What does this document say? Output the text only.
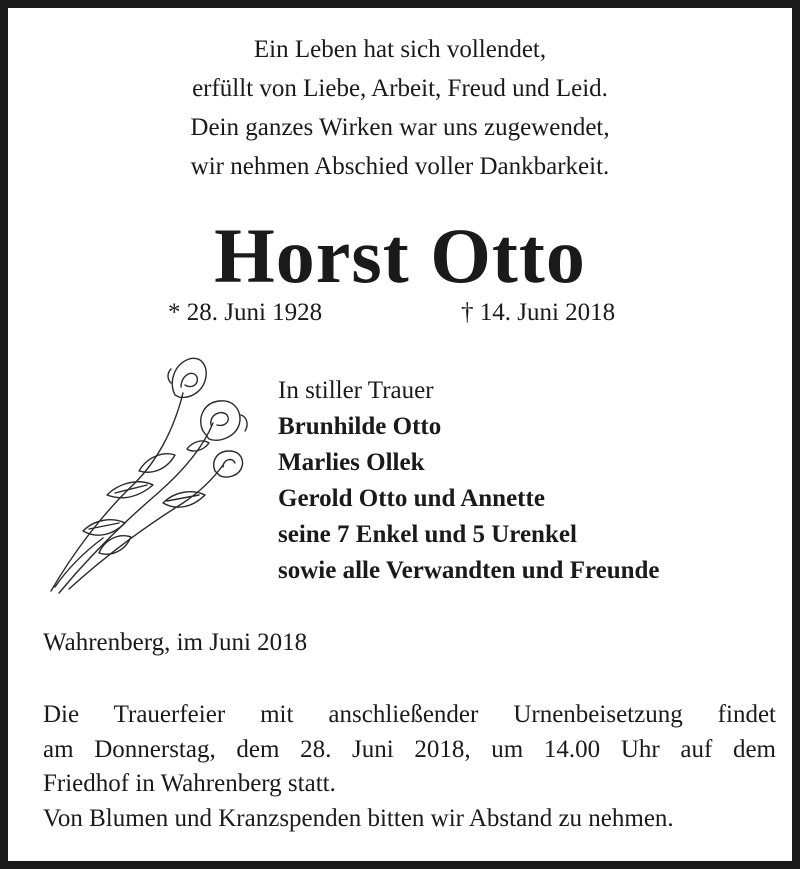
Ein Leben hat sich vollendet,
erfüllt von Liebe, Arbeit, Freud und Leid.
Dein ganzes Wirken war uns zugewendet,
wir nehmen Abschied voller Dankbarkeit.
Horst Otto
* 28. Juni 1928	† 14. Juni 2018
In stiller Trauer
Brunhilde Otto
Marlies Ollek
Gerold Otto und Annette
seine 7 Enkel und 5 Urenkel
sowie alle Verwandten und Freunde
Wahrenberg, im Juni 2018
Die Trauerfeier mit anschließender Urnenbeisetzung findet
am Donnerstag, dem 28. Juni 2018, um 14.00 Uhr auf dem
Friedhof in Wahrenberg statt.
Von Blumen und Kranzspenden bitten wir Abstand zu nehmen.
